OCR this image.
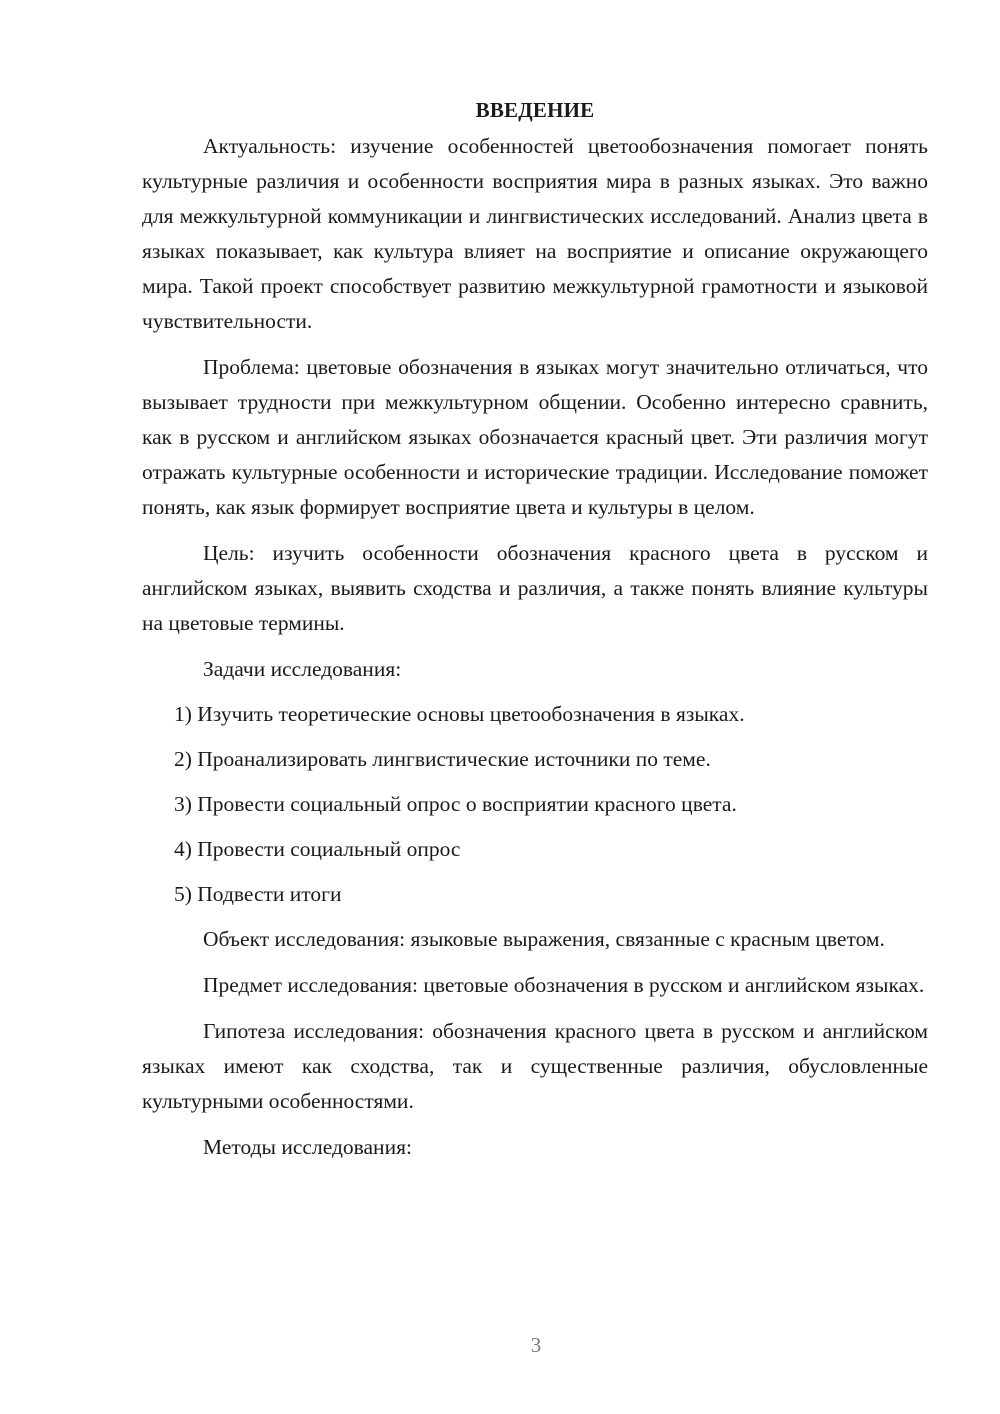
ВВЕДЕНИЕ

Актуальность: изучение особенностей цветообозначения помогает понять культурные различия и особенности восприятия мира в разных языках. Это важно для межкультурной коммуникации и лингвистических исследований. Анализ цвета в языках показывает, как культура влияет на восприятие и описание окружающего мира. Такой проект способствует развитию межкультурной грамотности и языковой чувствительности.

Проблема: цветовые обозначения в языках могут значительно отличаться, что вызывает трудности при межкультурном общении. Особенно интересно сравнить, как в русском и английском языках обозначается красный цвет. Эти различия могут отражать культурные особенности и исторические традиции. Исследование поможет понять, как язык формирует восприятие цвета и культуры в целом.

Цель: изучить особенности обозначения красного цвета в русском и английском языках, выявить сходства и различия, а также понять влияние культуры на цветовые термины.

Задачи исследования:

1) Изучить теоретические основы цветообозначения в языках.
2) Проанализировать лингвистические источники по теме.
3) Провести социальный опрос о восприятии красного цвета.
4) Провести социальный опрос
5) Подвести итоги

Объект исследования: языковые выражения, связанные с красным цветом.

Предмет исследования: цветовые обозначения в русском и английском языках.

Гипотеза исследования: обозначения красного цвета в русском и английском языках имеют как сходства, так и существенные различия, обусловленные культурными особенностями.

Методы исследования:

3
